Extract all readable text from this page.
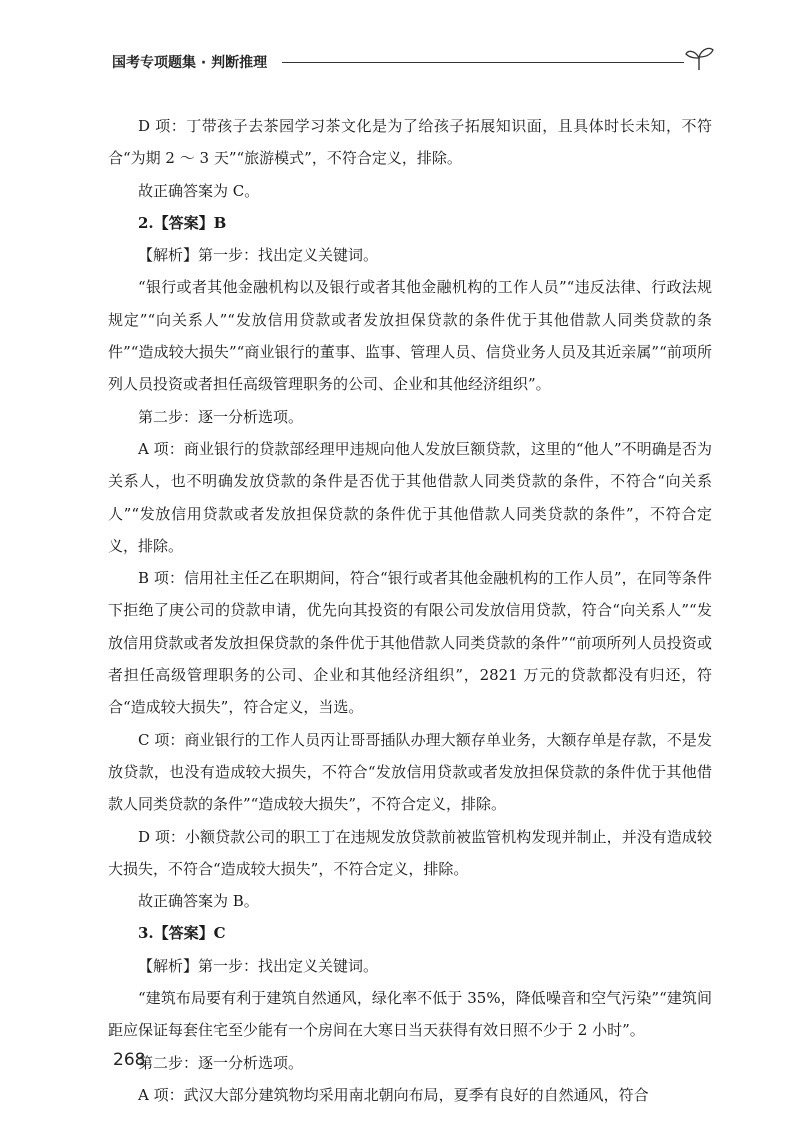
国考专项题集 · 判断推理

D 项：丁带孩子去茶园学习茶文化是为了给孩子拓展知识面，且具体时长未知，不符合“为期 2 ～ 3 天”“旅游模式”，不符合定义，排除。

故正确答案为 C。

2.【答案】B

【解析】第一步：找出定义关键词。

“银行或者其他金融机构以及银行或者其他金融机构的工作人员”“违反法律、行政法规规定”“向关系人”“发放信用贷款或者发放担保贷款的条件优于其他借款人同类贷款的条件”“造成较大损失”“商业银行的董事、监事、管理人员、信贷业务人员及其近亲属”“前项所列人员投资或者担任高级管理职务的公司、企业和其他经济组织”。

第二步：逐一分析选项。

A 项：商业银行的贷款部经理甲违规向他人发放巨额贷款，这里的“他人”不明确是否为关系人，也不明确发放贷款的条件是否优于其他借款人同类贷款的条件，不符合“向关系人”“发放信用贷款或者发放担保贷款的条件优于其他借款人同类贷款的条件”，不符合定义，排除。

B 项：信用社主任乙在职期间，符合“银行或者其他金融机构的工作人员”，在同等条件下拒绝了庚公司的贷款申请，优先向其投资的有限公司发放信用贷款，符合“向关系人”“发放信用贷款或者发放担保贷款的条件优于其他借款人同类贷款的条件”“前项所列人员投资或者担任高级管理职务的公司、企业和其他经济组织”，2821 万元的贷款都没有归还，符合“造成较大损失”，符合定义，当选。

C 项：商业银行的工作人员丙让哥哥插队办理大额存单业务，大额存单是存款，不是发放贷款，也没有造成较大损失，不符合“发放信用贷款或者发放担保贷款的条件优于其他借款人同类贷款的条件”“造成较大损失”，不符合定义，排除。

D 项：小额贷款公司的职工丁在违规发放贷款前被监管机构发现并制止，并没有造成较大损失，不符合“造成较大损失”，不符合定义，排除。

故正确答案为 B。

3.【答案】C

【解析】第一步：找出定义关键词。

“建筑布局要有利于建筑自然通风，绿化率不低于 35%，降低噪音和空气污染”“建筑间距应保证每套住宅至少能有一个房间在大寒日当天获得有效日照不少于 2 小时”。

第二步：逐一分析选项。

A 项：武汉大部分建筑物均采用南北朝向布局，夏季有良好的自然通风，符合

268
